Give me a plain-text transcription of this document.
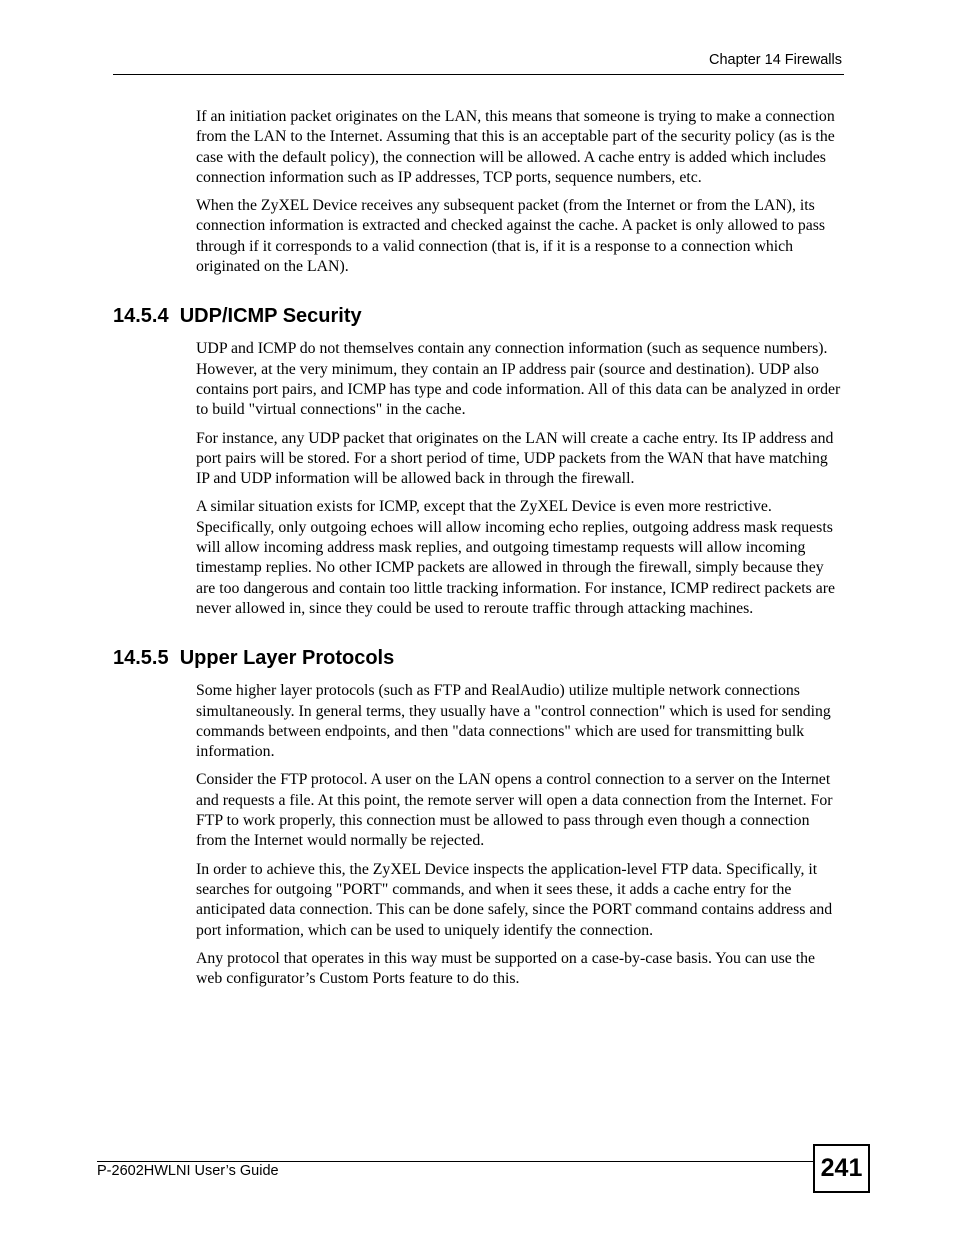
Chapter 14 Firewalls

If an initiation packet originates on the LAN, this means that someone is trying to make a connection from the LAN to the Internet. Assuming that this is an acceptable part of the security policy (as is the case with the default policy), the connection will be allowed. A cache entry is added which includes connection information such as IP addresses, TCP ports, sequence numbers, etc.

When the ZyXEL Device receives any subsequent packet (from the Internet or from the LAN), its connection information is extracted and checked against the cache. A packet is only allowed to pass through if it corresponds to a valid connection (that is, if it is a response to a connection which originated on the LAN).

14.5.4 UDP/ICMP Security

UDP and ICMP do not themselves contain any connection information (such as sequence numbers). However, at the very minimum, they contain an IP address pair (source and destination). UDP also contains port pairs, and ICMP has type and code information. All of this data can be analyzed in order to build "virtual connections" in the cache.

For instance, any UDP packet that originates on the LAN will create a cache entry. Its IP address and port pairs will be stored. For a short period of time, UDP packets from the WAN that have matching IP and UDP information will be allowed back in through the firewall.

A similar situation exists for ICMP, except that the ZyXEL Device is even more restrictive. Specifically, only outgoing echoes will allow incoming echo replies, outgoing address mask requests will allow incoming address mask replies, and outgoing timestamp requests will allow incoming timestamp replies. No other ICMP packets are allowed in through the firewall, simply because they are too dangerous and contain too little tracking information. For instance, ICMP redirect packets are never allowed in, since they could be used to reroute traffic through attacking machines.

14.5.5 Upper Layer Protocols

Some higher layer protocols (such as FTP and RealAudio) utilize multiple network connections simultaneously. In general terms, they usually have a "control connection" which is used for sending commands between endpoints, and then "data connections" which are used for transmitting bulk information.

Consider the FTP protocol. A user on the LAN opens a control connection to a server on the Internet and requests a file. At this point, the remote server will open a data connection from the Internet. For FTP to work properly, this connection must be allowed to pass through even though a connection from the Internet would normally be rejected.

In order to achieve this, the ZyXEL Device inspects the application-level FTP data. Specifically, it searches for outgoing "PORT" commands, and when it sees these, it adds a cache entry for the anticipated data connection. This can be done safely, since the PORT command contains address and port information, which can be used to uniquely identify the connection.

Any protocol that operates in this way must be supported on a case-by-case basis. You can use the web configurator’s Custom Ports feature to do this.

P-2602HWLNI User’s Guide	241
